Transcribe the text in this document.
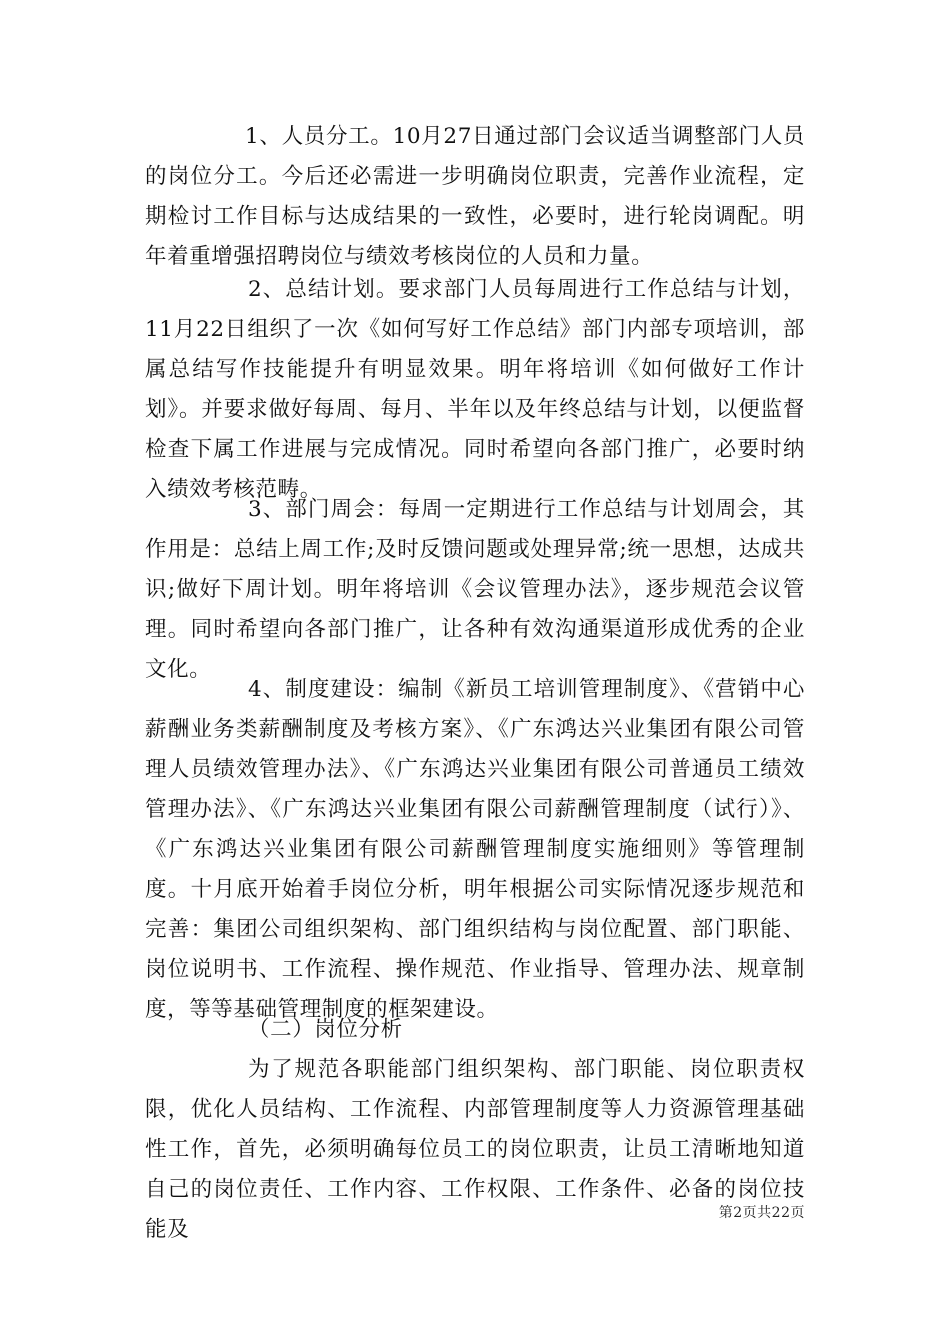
1、人员分工。10月27日通过部门会议适当调整部门人员的岗位分工。今后还必需进一步明确岗位职责，完善作业流程，定期检讨工作目标与达成结果的一致性，必要时，进行轮岗调配。明年着重增强招聘岗位与绩效考核岗位的人员和力量。

2、总结计划。要求部门人员每周进行工作总结与计划，11月22日组织了一次《如何写好工作总结》部门内部专项培训，部属总结写作技能提升有明显效果。明年将培训《如何做好工作计划》。并要求做好每周、每月、半年以及年终总结与计划，以便监督检查下属工作进展与完成情况。同时希望向各部门推广，必要时纳入绩效考核范畴。

3、部门周会：每周一定期进行工作总结与计划周会，其作用是：总结上周工作;及时反馈问题或处理异常;统一思想，达成共识;做好下周计划。明年将培训《会议管理办法》，逐步规范会议管理。同时希望向各部门推广，让各种有效沟通渠道形成优秀的企业文化。

4、制度建设：编制《新员工培训管理制度》、《营销中心薪酬业务类薪酬制度及考核方案》、《广东鸿达兴业集团有限公司管理人员绩效管理办法》、《广东鸿达兴业集团有限公司普通员工绩效管理办法》、《广东鸿达兴业集团有限公司薪酬管理制度（试行）》、《广东鸿达兴业集团有限公司薪酬管理制度实施细则》等管理制度。十月底开始着手岗位分析，明年根据公司实际情况逐步规范和完善：集团公司组织架构、部门组织结构与岗位配置、部门职能、岗位说明书、工作流程、操作规范、作业指导、管理办法、规章制度，等等基础管理制度的框架建设。

（二）岗位分析

为了规范各职能部门组织架构、部门职能、岗位职责权限，优化人员结构、工作流程、内部管理制度等人力资源管理基础性工作，首先，必须明确每位员工的岗位职责，让员工清晰地知道自己的岗位责任、工作内容、工作权限、工作条件、必备的岗位技能及

第2页共22页
